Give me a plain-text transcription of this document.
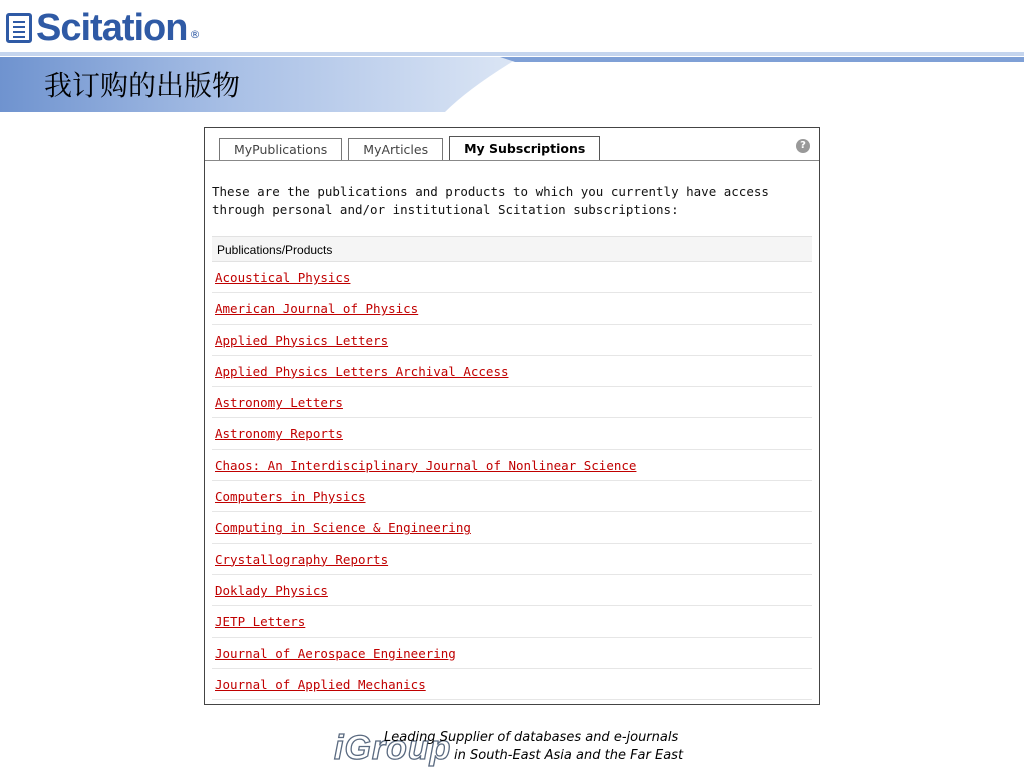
Scitation ®
我订购的出版物
MyPublications	MyArticles	My Subscriptions	?
These are the publications and products to which you currently have access
through personal and/or institutional Scitation subscriptions:
Publications/Products
Acoustical Physics
American Journal of Physics
Applied Physics Letters
Applied Physics Letters Archival Access
Astronomy Letters
Astronomy Reports
Chaos: An Interdisciplinary Journal of Nonlinear Science
Computers in Physics
Computing in Science & Engineering
Crystallography Reports
Doklady Physics
JETP Letters
Journal of Aerospace Engineering
Journal of Applied Mechanics
iGroup
Leading Supplier of databases and e-journals
in South-East Asia and the Far East
